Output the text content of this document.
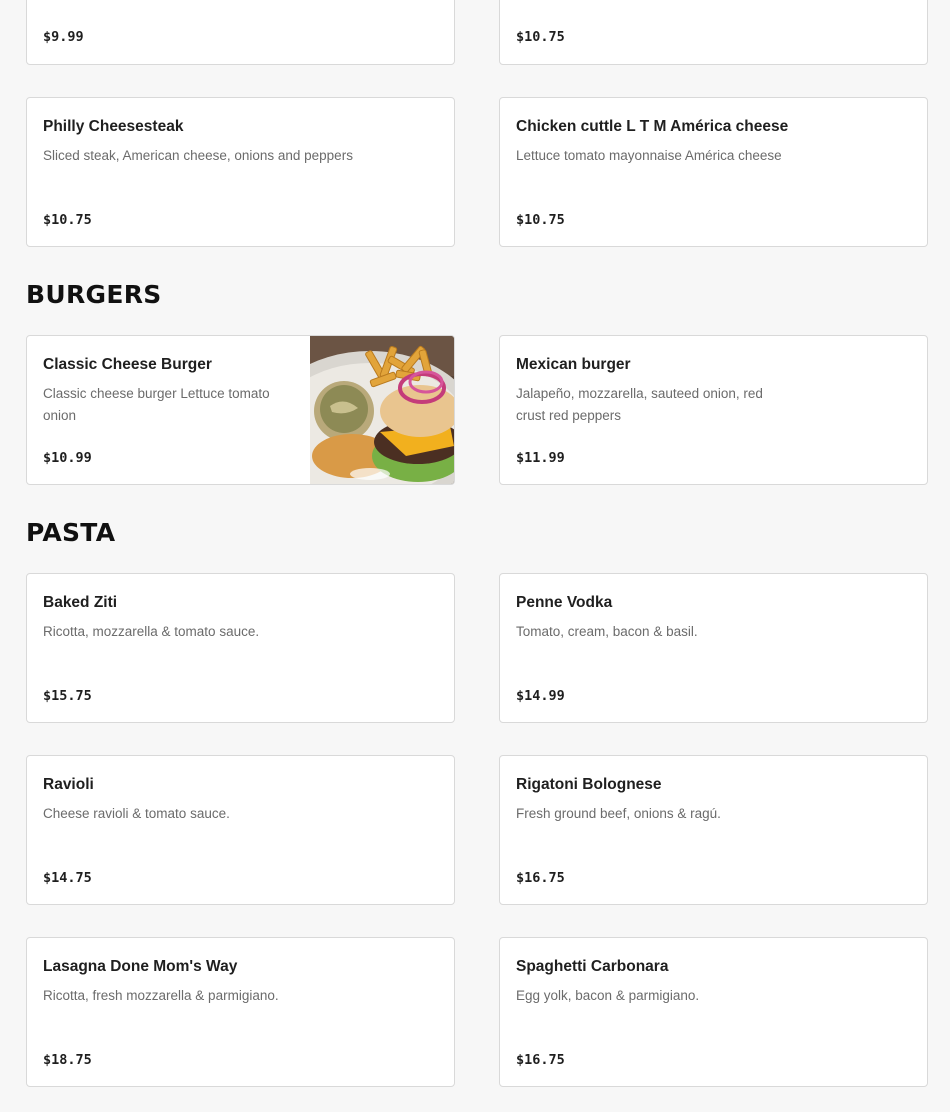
$9.99	$10.75
Philly Cheesesteak
Sliced steak, American cheese, onions and peppers
$10.75
Chicken cuttle L T M América cheese
Lettuce tomato mayonnaise América cheese
$10.75
BURGERS
Classic Cheese Burger
Classic cheese burger Lettuce tomato onion
$10.99
Mexican burger
Jalapeño, mozzarella, sauteed onion, red crust red peppers
$11.99
PASTA
Baked Ziti
Ricotta, mozzarella & tomato sauce.
$15.75
Penne Vodka
Tomato, cream, bacon & basil.
$14.99
Ravioli
Cheese ravioli & tomato sauce.
$14.75
Rigatoni Bolognese
Fresh ground beef, onions & ragú.
$16.75
Lasagna Done Mom's Way
Ricotta, fresh mozzarella & parmigiano.
$18.75
Spaghetti Carbonara
Egg yolk, bacon & parmigiano.
$16.75
